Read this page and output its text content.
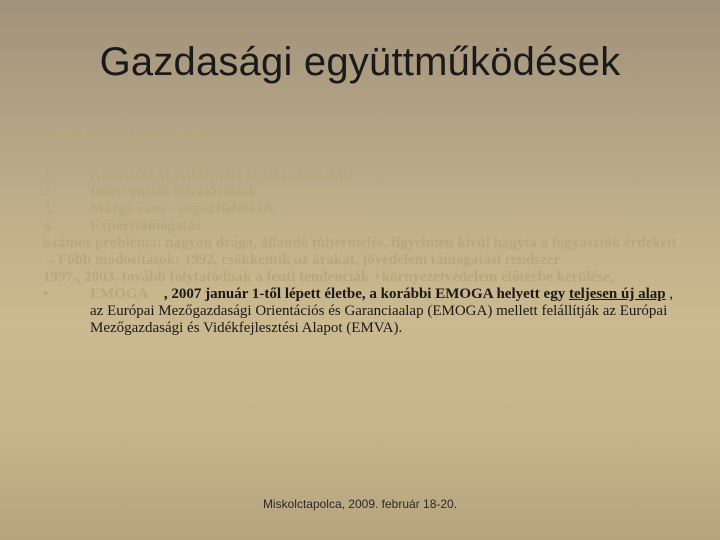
Gazdasági együttműködések
1968. Közös Agrárpolitika
1.	Közösségi ár (világpiaci áraál magasabb)
2.	Intervenciós felvásárlások
3.	Mozgó vám – exportlefölözés
4.	Exporttámogatás
Számos probléma: nagyon drága, állandó túltermelés, figyelmen kívül hagyta a fogyasztók érdekeit
→Főbb módosítások: 1992. csökkentik az árakat, jövedelem támogatási rendszer
1997., 2003. tovább folytatódnak a fenti tendenciák +környezetvédelem előtérbe kerülése,
•	EMOGA ➔, 2007 január 1-től lépett életbe, a korábbi EMOGA helyett egy teljesen új alap , az Európai Mezőgazdasági Orientációs és Garanciaalap (EMOGA) mellett felállítják az Európai Mezőgazdasági és Vidékfejlesztési Alapot (EMVA).
Miskolctapolca, 2009. február 18-20.
